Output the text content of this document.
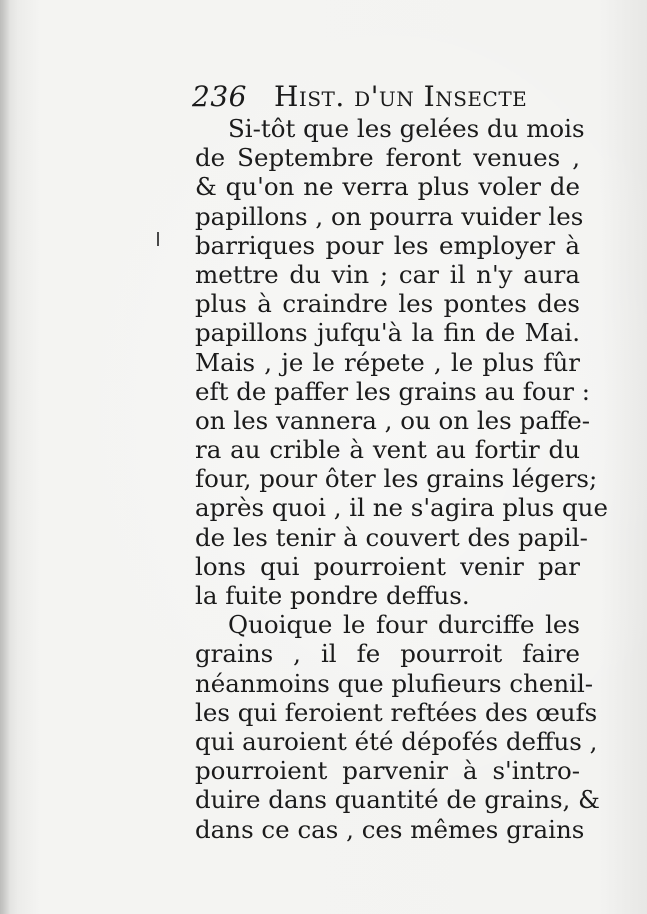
236 Hist. d'un Insecte
Si-tôt que les gelées du mois
de Septembre feront venues ,
& qu'on ne verra plus voler de
papillons , on pourra vuider les
barriques pour les employer à
mettre du vin ; car il n'y aura
plus à craindre les pontes des
papillons jufqu'à la fin de Mai.
Mais , je le répete , le plus fûr
eft de paffer les grains au four :
on les vannera , ou on les paffe-
ra au crible à vent au fortir du
four, pour ôter les grains légers;
après quoi , il ne s'agira plus que
de les tenir à couvert des papil-
lons qui pourroient venir par
la fuite pondre deffus.
Quoique le four durciffe les
grains , il fe pourroit faire
néanmoins que plufieurs chenil-
les qui feroient reftées des œufs
qui auroient été dépofés deffus ,
pourroient parvenir à s'intro-
duire dans quantité de grains, &
dans ce cas , ces mêmes grains
